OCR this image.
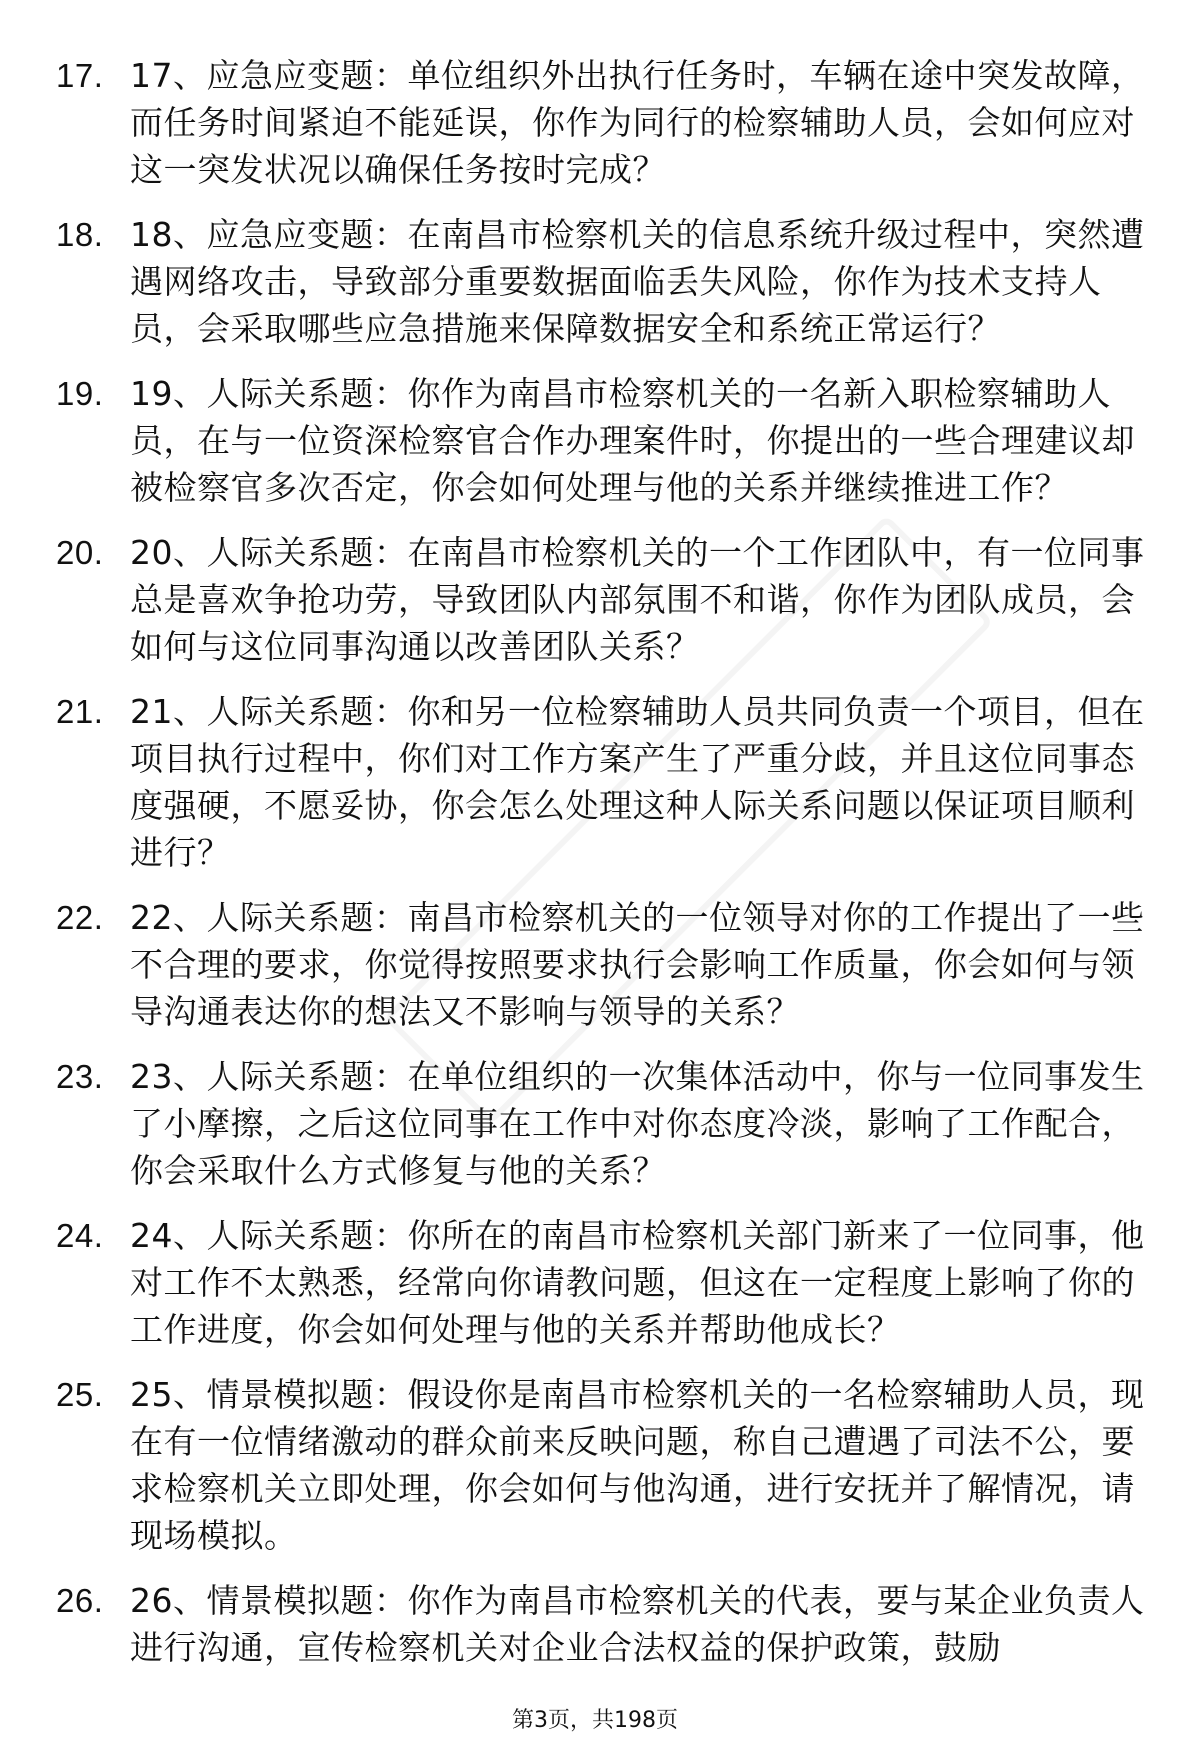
17. 17、应急应变题：单位组织外出执行任务时，车辆在途中突发故障，而任务时间紧迫不能延误，你作为同行的检察辅助人员，会如何应对这一突发状况以确保任务按时完成？
18. 18、应急应变题：在南昌市检察机关的信息系统升级过程中，突然遭遇网络攻击，导致部分重要数据面临丢失风险，你作为技术支持人员，会采取哪些应急措施来保障数据安全和系统正常运行？
19. 19、人际关系题：你作为南昌市检察机关的一名新入职检察辅助人员，在与一位资深检察官合作办理案件时，你提出的一些合理建议却被检察官多次否定，你会如何处理与他的关系并继续推进工作？
20. 20、人际关系题：在南昌市检察机关的一个工作团队中，有一位同事总是喜欢争抢功劳，导致团队内部氛围不和谐，你作为团队成员，会如何与这位同事沟通以改善团队关系？
21. 21、人际关系题：你和另一位检察辅助人员共同负责一个项目，但在项目执行过程中，你们对工作方案产生了严重分歧，并且这位同事态度强硬，不愿妥协，你会怎么处理这种人际关系问题以保证项目顺利进行？
22. 22、人际关系题：南昌市检察机关的一位领导对你的工作提出了一些不合理的要求，你觉得按照要求执行会影响工作质量，你会如何与领导沟通表达你的想法又不影响与领导的关系？
23. 23、人际关系题：在单位组织的一次集体活动中，你与一位同事发生了小摩擦，之后这位同事在工作中对你态度冷淡，影响了工作配合，你会采取什么方式修复与他的关系？
24. 24、人际关系题：你所在的南昌市检察机关部门新来了一位同事，他对工作不太熟悉，经常向你请教问题，但这在一定程度上影响了你的工作进度，你会如何处理与他的关系并帮助他成长？
25. 25、情景模拟题：假设你是南昌市检察机关的一名检察辅助人员，现在有一位情绪激动的群众前来反映问题，称自己遭遇了司法不公，要求检察机关立即处理，你会如何与他沟通，进行安抚并了解情况，请现场模拟。
26. 26、情景模拟题：你作为南昌市检察机关的代表，要与某企业负责人进行沟通，宣传检察机关对企业合法权益的保护政策，鼓励
第3页，共198页
